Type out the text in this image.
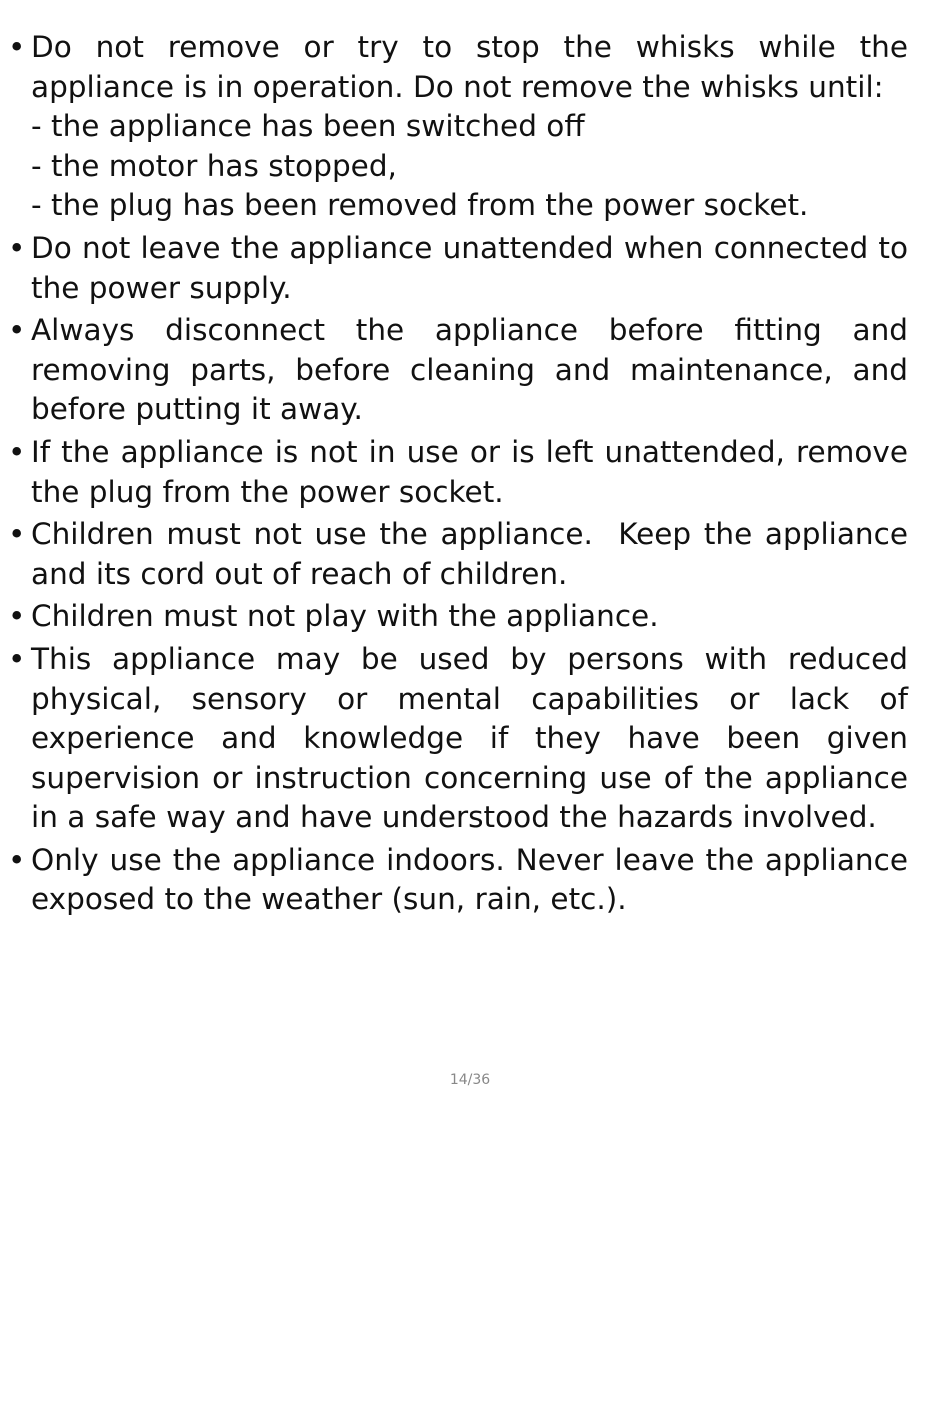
• Do not remove or try to stop the whisks while the appliance is in operation. Do not remove the whisks until:
- the appliance has been switched off
- the motor has stopped,
- the plug has been removed from the power socket.
• Do not leave the appliance unattended when connected to the power supply.
• Always disconnect the appliance before fitting and removing parts, before cleaning and maintenance, and before putting it away.
• If the appliance is not in use or is left unattended, remove the plug from the power socket.
• Children must not use the appliance.  Keep the appliance and its cord out of reach of children.
• Children must not play with the appliance.
• This appliance may be used by persons with reduced physical, sensory or mental capabilities or lack of experience and knowledge if they have been given supervision or instruction concerning use of the appliance in a safe way and have understood the hazards involved.
• Only use the appliance indoors. Never leave the appliance exposed to the weather (sun, rain, etc.).
14/36
